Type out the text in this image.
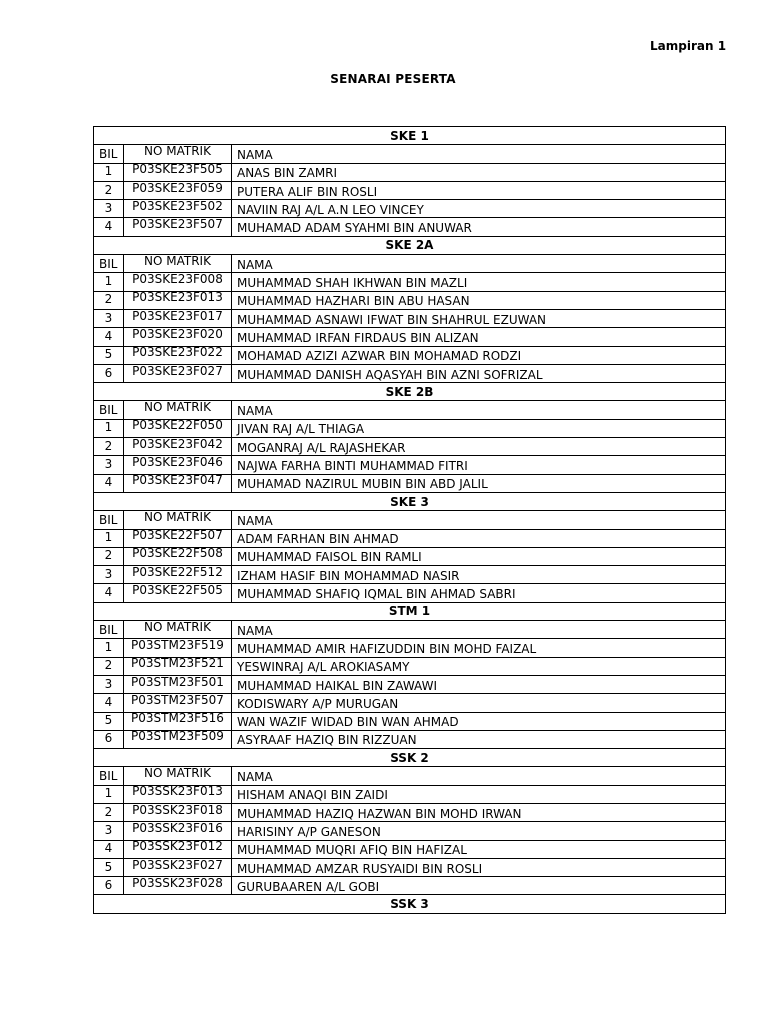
Lampiran 1
SENARAI PESERTA
SKE 1		
BIL	NO MATRIK	NAMA
1	P03SKE23F505	ANAS BIN ZAMRI
2	P03SKE23F059	PUTERA ALIF BIN ROSLI
3	P03SKE23F502	NAVIIN RAJ A/L A.N LEO VINCEY
4	P03SKE23F507	MUHAMAD ADAM SYAHMI BIN ANUWAR
SKE 2A		
BIL	NO MATRIK	NAMA
1	P03SKE23F008	MUHAMMAD SHAH IKHWAN BIN MAZLI
2	P03SKE23F013	MUHAMMAD HAZHARI BIN ABU HASAN
3	P03SKE23F017	MUHAMMAD ASNAWI IFWAT BIN SHAHRUL EZUWAN
4	P03SKE23F020	MUHAMMAD IRFAN FIRDAUS BIN ALIZAN
5	P03SKE23F022	MOHAMAD AZIZI AZWAR BIN MOHAMAD RODZI
6	P03SKE23F027	MUHAMMAD DANISH AQASYAH BIN AZNI SOFRIZAL
SKE 2B		
BIL	NO MATRIK	NAMA
1	P03SKE22F050	JIVAN RAJ A/L THIAGA
2	P03SKE23F042	MOGANRAJ A/L RAJASHEKAR
3	P03SKE23F046	NAJWA FARHA BINTI MUHAMMAD FITRI
4	P03SKE23F047	MUHAMAD NAZIRUL MUBIN BIN ABD JALIL
SKE 3		
BIL	NO MATRIK	NAMA
1	P03SKE22F507	ADAM FARHAN BIN AHMAD
2	P03SKE22F508	MUHAMMAD FAISOL BIN RAMLI
3	P03SKE22F512	IZHAM HASIF BIN MOHAMMAD NASIR
4	P03SKE22F505	MUHAMMAD SHAFIQ IQMAL BIN AHMAD SABRI
STM 1		
BIL	NO MATRIK	NAMA
1	P03STM23F519	MUHAMMAD AMIR HAFIZUDDIN BIN MOHD FAIZAL
2	P03STM23F521	YESWINRAJ A/L AROKIASAMY
3	P03STM23F501	MUHAMMAD HAIKAL BIN ZAWAWI
4	P03STM23F507	KODISWARY A/P MURUGAN
5	P03STM23F516	WAN WAZIF WIDAD BIN WAN AHMAD
6	P03STM23F509	ASYRAAF HAZIQ BIN RIZZUAN
SSK 2		
BIL	NO MATRIK	NAMA
1	P03SSK23F013	HISHAM ANAQI BIN ZAIDI
2	P03SSK23F018	MUHAMMAD HAZIQ HAZWAN BIN MOHD IRWAN
3	P03SSK23F016	HARISINY A/P GANESON
4	P03SSK23F012	MUHAMMAD MUQRI AFIQ BIN HAFIZAL
5	P03SSK23F027	MUHAMMAD AMZAR RUSYAIDI BIN ROSLI
6	P03SSK23F028	GURUBAAREN A/L GOBI
SSK 3		
